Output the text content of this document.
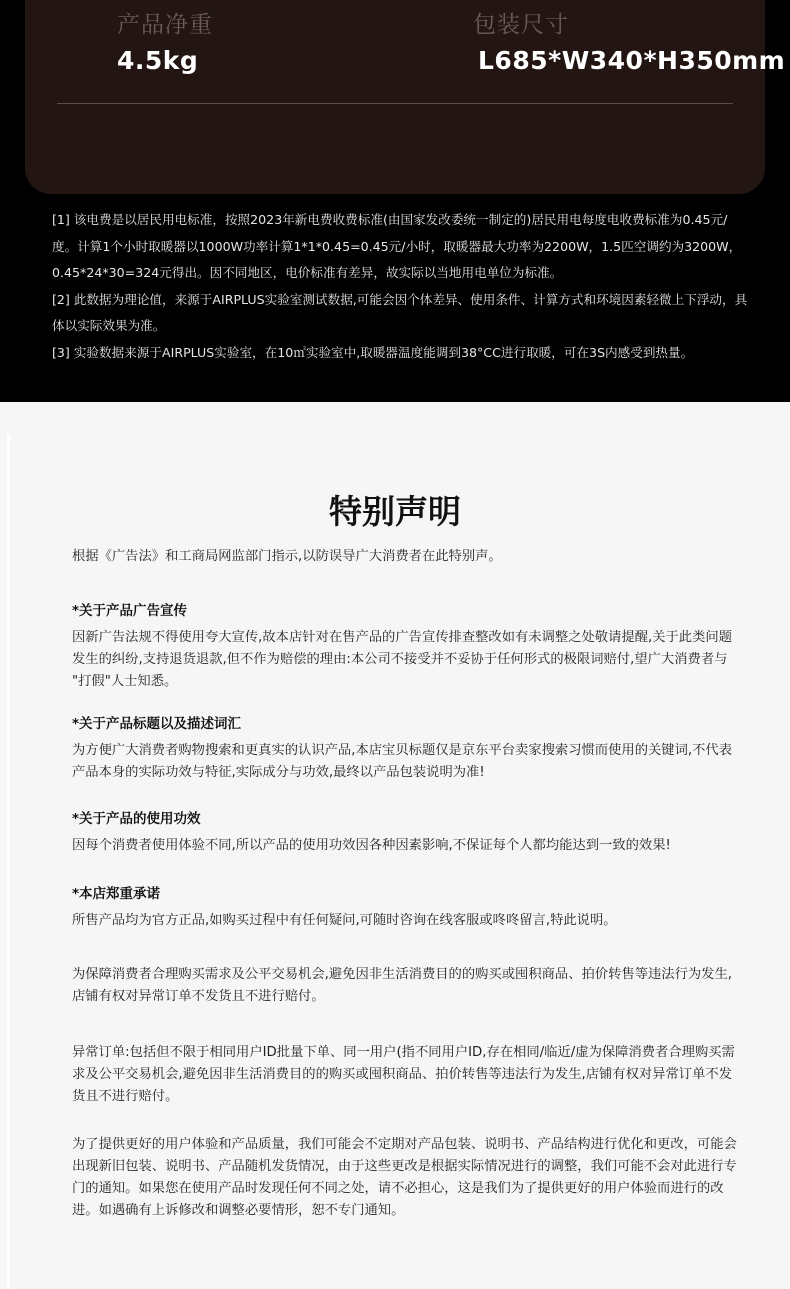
产品净重
4.5kg
包装尺寸
L685*W340*H350mm

[1] 该电费是以居民用电标准，按照2023年新电费收费标准(由国家发改委统一制定的)居民用电每度电收费标准为0.45元/度。计算1个小时取暖器以1000W功率计算1*1*0.45=0.45元/小时，取暖器最大功率为2200W，1.5匹空调约为3200W，0.45*24*30=324元得出。因不同地区，电价标准有差异，故实际以当地用电单位为标准。

[2] 此数据为理论值，来源于AIRPLUS实验室测试数据,可能会因个体差异、使用条件、计算方式和环境因素轻微上下浮动，具体以实际效果为准。

[3] 实验数据来源于AIRPLUS实验室，在10㎡实验室中,取暖器温度能调到38°CC进行取暖，可在3S内感受到热量。

特别声明
根据《广告法》和工商局网监部门指示,以防误导广大消费者在此特别声。
*关于产品广告宣传
因新广告法规不得使用夸大宣传,故本店针对在售产品的广告宣传排查整改如有未调整之处敬请提醒,关于此类问题发生的纠纷,支持退货退款,但不作为赔偿的理由:本公司不接受并不妥协于任何形式的极限词赔付,望广大消费者与 "打假"人士知悉。
*关于产品标题以及描述词汇
为方便广大消费者购物搜索和更真实的认识产品,本店宝贝标题仅是京东平台卖家搜索习惯而使用的关键词,不代表产品本身的实际功效与特征,实际成分与功效,最终以产品包装说明为准!
*关于产品的使用功效
因每个消费者使用体验不同,所以产品的使用功效因各种因素影响,不保证每个人都均能达到一致的效果!
*本店郑重承诺
所售产品均为官方正品,如购买过程中有任何疑问,可随时咨询在线客服或咚咚留言,特此说明。
为保障消费者合理购买需求及公平交易机会,避免因非生活消费目的的购买或囤积商品、拍价转售等违法行为发生,店铺有权对异常订单不发货且不进行赔付。
异常订单:包括但不限于相同用户ID批量下单、同一用户(指不同用户ID,存在相同/临近/虚为保障消费者合理购买需求及公平交易机会,避免因非生活消费目的的购买或囤积商品、拍价转售等违法行为发生,店铺有权对异常订单不发货且不进行赔付。
为了提供更好的用户体验和产品质量，我们可能会不定期对产品包装、说明书、产品结构进行优化和更改，可能会出现新旧包装、说明书、产品随机发货情况，由于这些更改是根据实际情况进行的调整，我们可能不会对此进行专门的通知。如果您在使用产品时发现任何不同之处，请不必担心，这是我们为了提供更好的用户体验而进行的改进。如遇确有上诉修改和调整必要情形，恕不专门通知。
